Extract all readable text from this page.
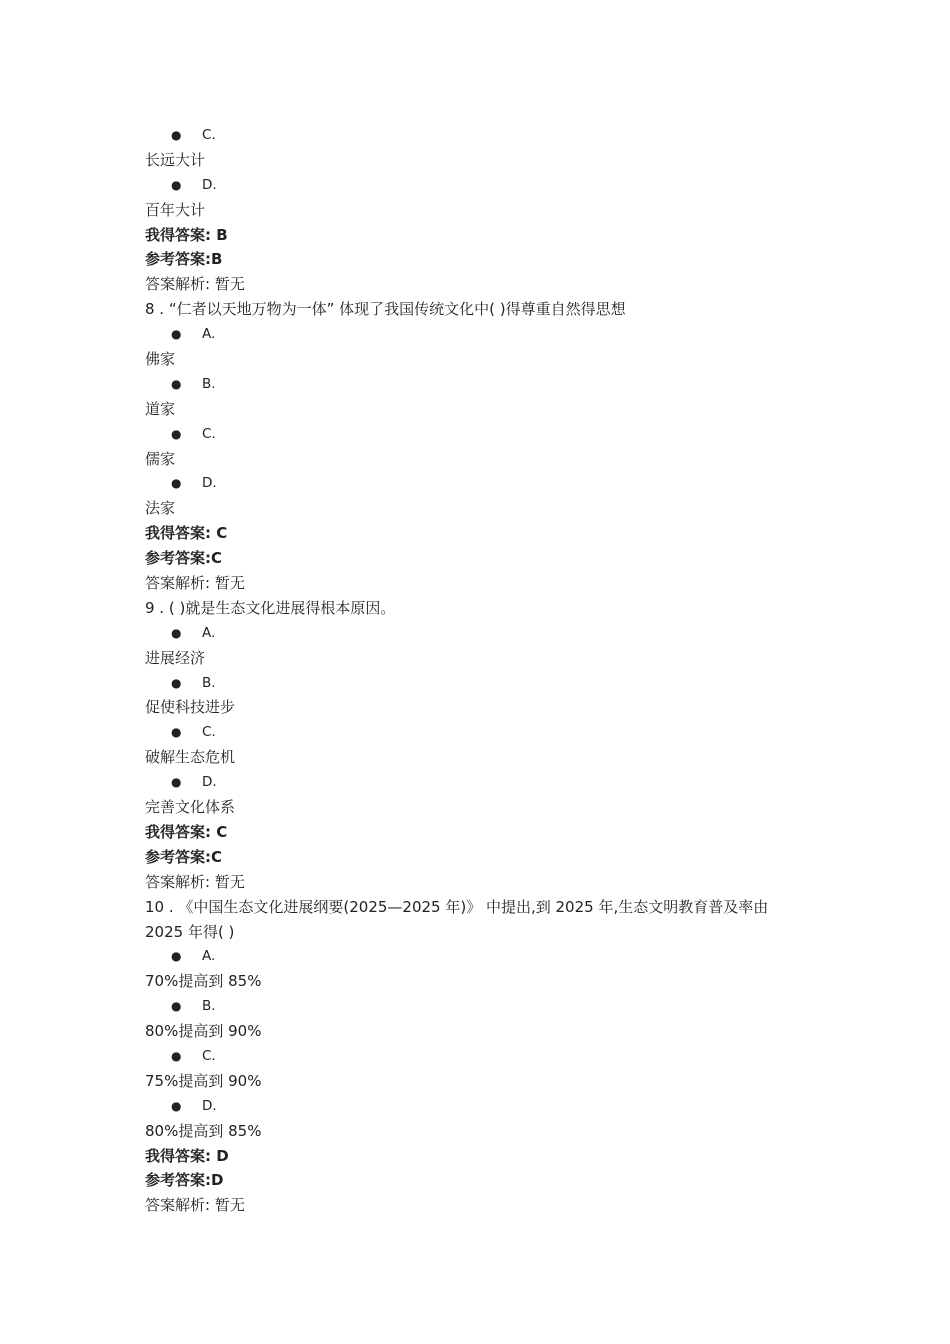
● C.
长远大计
● D.
百年大计
我得答案: B
参考答案:B
答案解析: 暂无
8 . “仁者以天地万物为一体” 体现了我国传统文化中( )得尊重自然得思想
● A.
佛家
● B.
道家
● C.
儒家
● D.
法家
我得答案: C
参考答案:C
答案解析: 暂无
9 . ( )就是生态文化进展得根本原因。
● A.
进展经济
● B.
促使科技进步
● C.
破解生态危机
● D.
完善文化体系
我得答案: C
参考答案:C
答案解析: 暂无
10 . 《中国生态文化进展纲要(2025—2025 年)》 中提出,到 2025 年,生态文明教育普及率由
2025 年得( )
● A.
70%提高到 85%
● B.
80%提高到 90%
● C.
75%提高到 90%
● D.
80%提高到 85%
我得答案: D
参考答案:D
答案解析: 暂无
